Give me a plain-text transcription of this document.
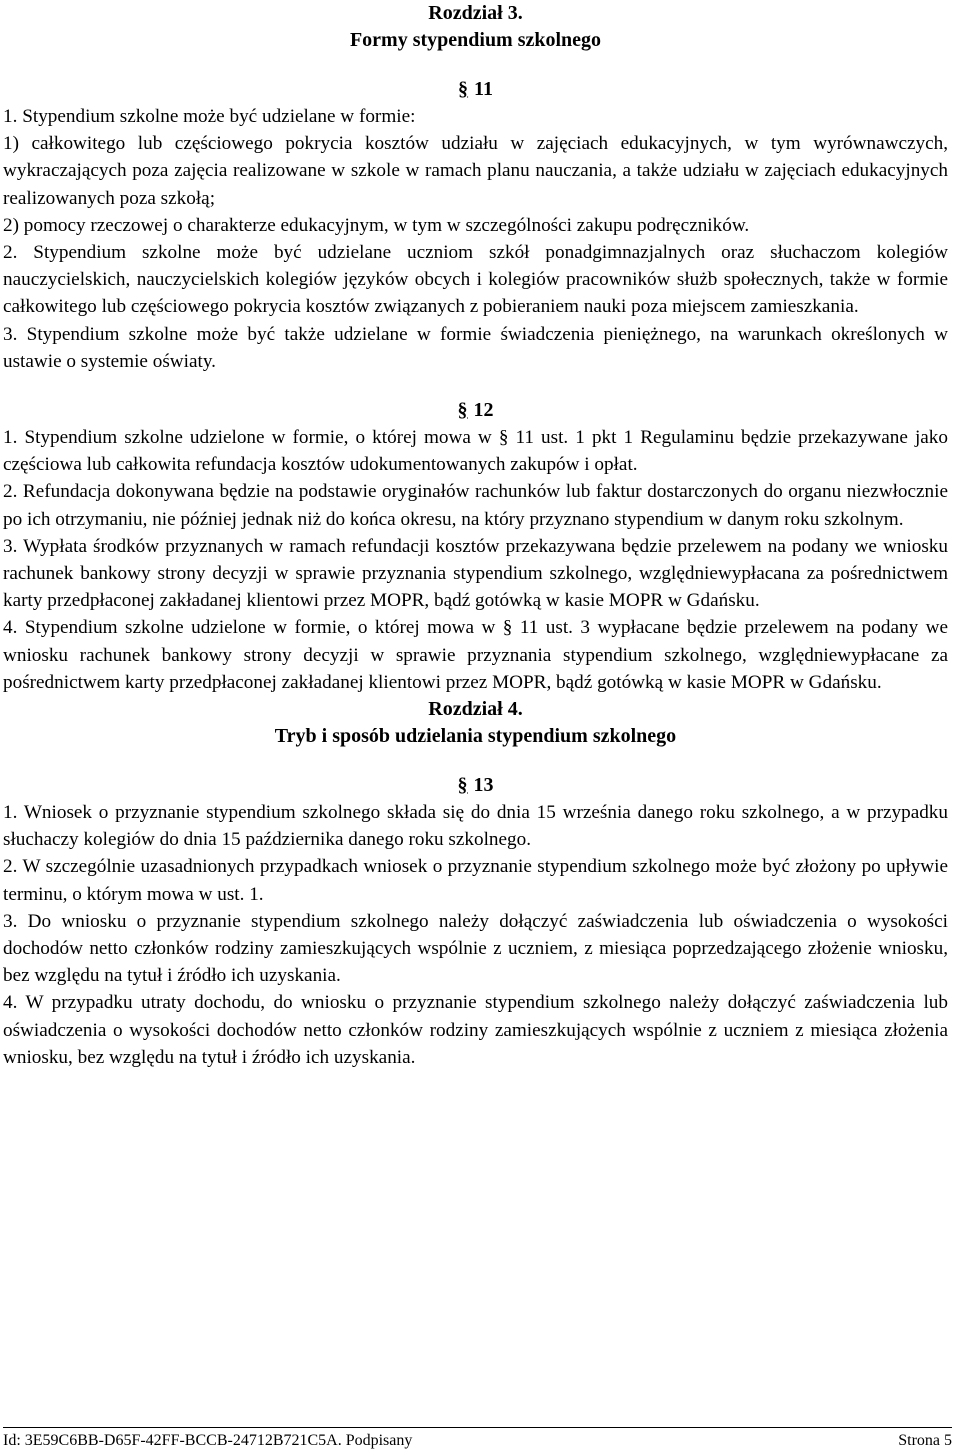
Rozdział 3.

Formy stypendium szkolnego

§ 11

1. Stypendium szkolne może być udzielane w formie:

1) całkowitego lub częściowego pokrycia kosztów udziału w zajęciach edukacyjnych, w tym wyrównawczych, wykraczających poza zajęcia realizowane w szkole w ramach planu nauczania, a także udziału w zajęciach edukacyjnych realizowanych poza szkołą;

2) pomocy rzeczowej o charakterze edukacyjnym, w tym w szczególności zakupu podręczników.

2. Stypendium szkolne może być udzielane uczniom szkół ponadgimnazjalnych oraz słuchaczom kolegiów nauczycielskich, nauczycielskich kolegiów języków obcych i kolegiów pracowników służb społecznych, także w formie całkowitego lub częściowego pokrycia kosztów związanych z pobieraniem nauki poza miejscem zamieszkania.

3. Stypendium szkolne może być także udzielane w formie świadczenia pieniężnego, na warunkach określonych w ustawie o systemie oświaty.

§ 12

1. Stypendium szkolne udzielone w formie, o której mowa w § 11 ust. 1 pkt 1 Regulaminu będzie przekazywane jako częściowa lub całkowita refundacja kosztów udokumentowanych zakupów i opłat.

2. Refundacja dokonywana będzie na podstawie oryginałów rachunków lub faktur dostarczonych do organu niezwłocznie po ich otrzymaniu, nie później jednak niż do końca okresu, na który przyznano stypendium w danym roku szkolnym.

3. Wypłata środków przyznanych w ramach refundacji kosztów przekazywana będzie przelewem na podany we wniosku rachunek bankowy strony decyzji w sprawie przyznania stypendium szkolnego, względniewypłacana za pośrednictwem karty przedpłaconej zakładanej klientowi przez MOPR, bądź gotówką w kasie MOPR w Gdańsku.

4. Stypendium szkolne udzielone w formie, o której mowa w § 11 ust. 3 wypłacane będzie przelewem na podany we wniosku rachunek bankowy strony decyzji w sprawie przyznania stypendium szkolnego, względniewypłacane za pośrednictwem karty przedpłaconej zakładanej klientowi przez MOPR, bądź gotówką w kasie MOPR w Gdańsku.

Rozdział 4.

Tryb i sposób udzielania stypendium szkolnego

§ 13

1. Wniosek o przyznanie stypendium szkolnego składa się do dnia 15 września danego roku szkolnego, a w przypadku słuchaczy kolegiów do dnia 15 października danego roku szkolnego.

2. W szczególnie uzasadnionych przypadkach wniosek o przyznanie stypendium szkolnego może być złożony po upływie terminu, o którym mowa w ust. 1.

3. Do wniosku o przyznanie stypendium szkolnego należy dołączyć zaświadczenia lub oświadczenia o wysokości dochodów netto członków rodziny zamieszkujących wspólnie z uczniem, z miesiąca poprzedzającego złożenie wniosku, bez względu na tytuł i źródło ich uzyskania.

4. W przypadku utraty dochodu, do wniosku o przyznanie stypendium szkolnego należy dołączyć zaświadczenia lub oświadczenia o wysokości dochodów netto członków rodziny zamieszkujących wspólnie z uczniem z miesiąca złożenia wniosku, bez względu na tytuł i źródło ich uzyskania.

Id: 3E59C6BB-D65F-42FF-BCCB-24712B721C5A. Podpisany	Strona 5
